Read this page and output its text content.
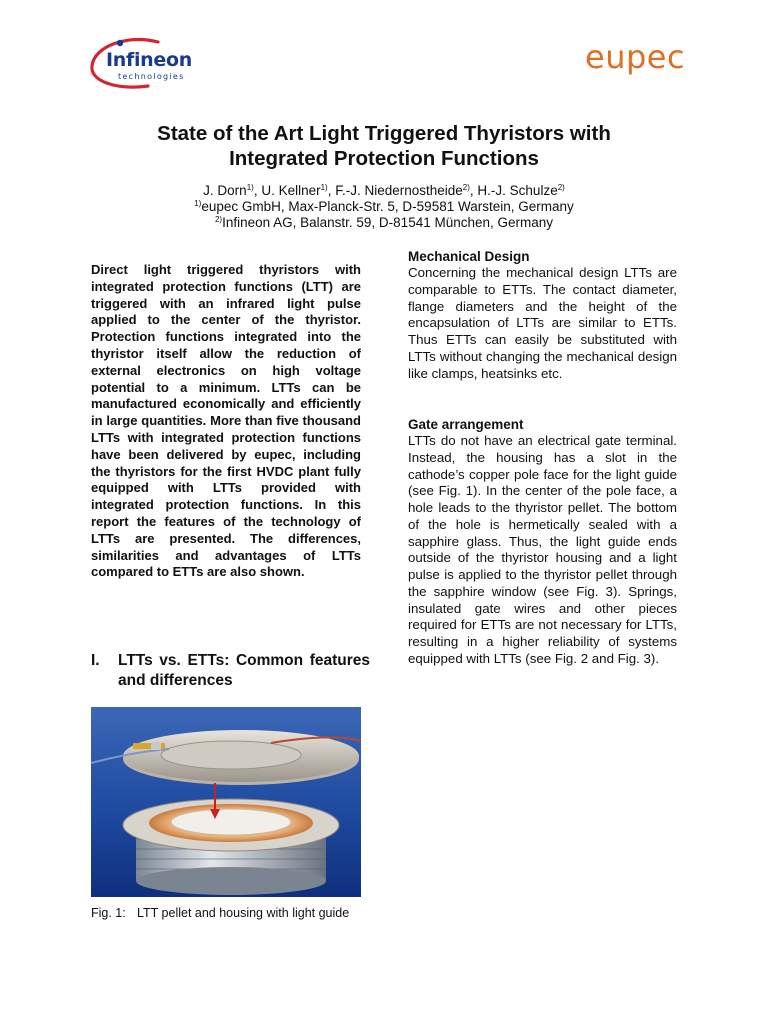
Infineon
technologies
eupec
State of the Art Light Triggered Thyristors with
Integrated Protection Functions
J. Dorn$^{1)}$, U. Kellner$^{1)}$, F.-J. Niedernostheide$^{2)}$, H.-J. Schulze$^{2)}$
$^{1)}$eupec GmbH, Max-Planck-Str. 5, D-59581 Warstein, Germany
$^{2)}$Infineon AG, Balanstr. 59, D-81541 München, Germany
Direct light triggered thyristors with integrated protection functions (LTT) are triggered with an infrared light pulse applied to the center of the thyristor. Protection functions integrated into the thyristor itself allow the reduction of external electronics on high voltage potential to a minimum. LTTs can be manufactured economically and efficiently in large quantities. More than five thousand LTTs with integrated protection functions have been delivered by eupec, including the thyristors for the first HVDC plant fully equipped with LTTs provided with integrated protection functions. In this report the features of the technology of LTTs are presented. The differences, similarities and advantages of LTTs compared to ETTs are also shown.
I. LTTs vs. ETTs: Common features and differences
Fig. 1: LTT pellet and housing with light guide
Mechanical Design
Concerning the mechanical design LTTs are comparable to ETTs. The contact diameter, flange diameters and the height of the encapsulation of LTTs are similar to ETTs. Thus ETTs can easily be substituted with LTTs without changing the mechanical design like clamps, heatsinks etc.
Gate arrangement
LTTs do not have an electrical gate terminal. Instead, the housing has a slot in the cathode’s copper pole face for the light guide (see Fig. 1). In the center of the pole face, a hole leads to the thyristor pellet. The bottom of the hole is hermetically sealed with a sapphire glass. Thus, the light guide ends outside of the thyristor housing and a light pulse is applied to the thyristor pellet through the sapphire window (see Fig. 3). Springs, insulated gate wires and other pieces required for ETTs are not necessary for LTTs, resulting in a higher reliability of systems equipped with LTTs (see Fig. 2 and Fig. 3).
